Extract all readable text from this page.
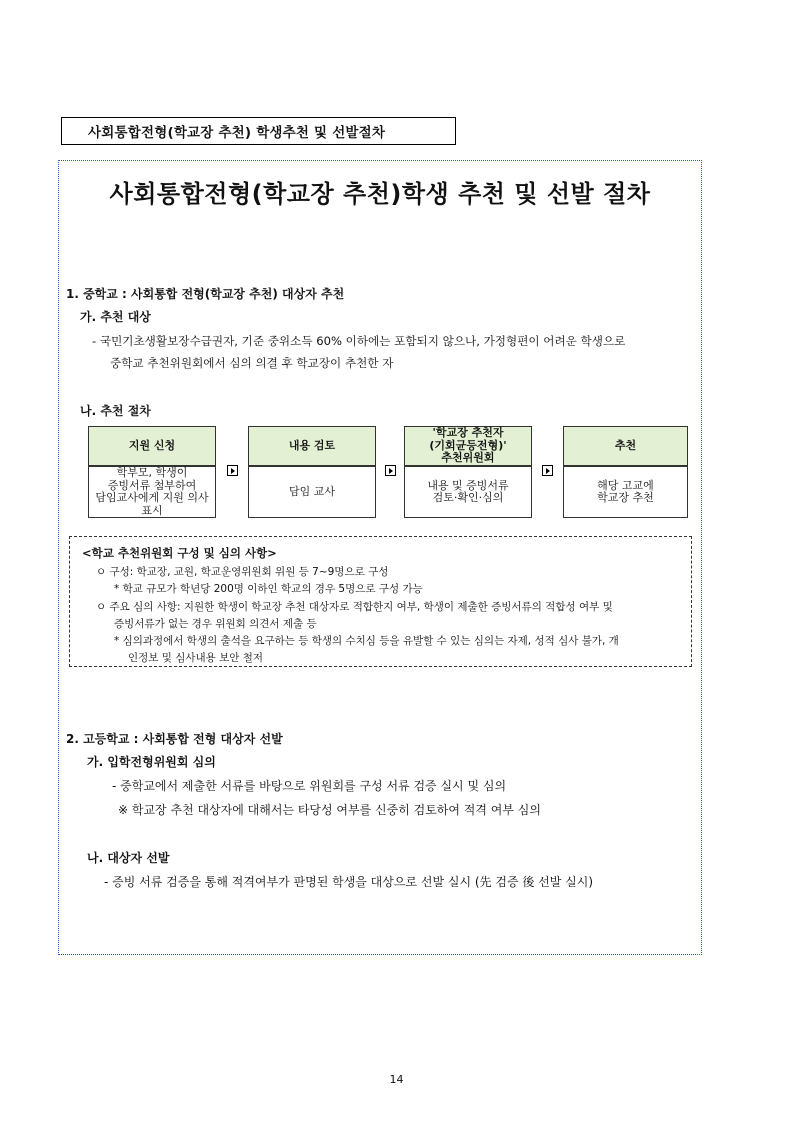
사회통합전형(학교장 추천) 학생추천 및 선발절차
사회통합전형(학교장 추천)학생 추천 및 선발 절차
1. 중학교 : 사회통합 전형(학교장 추천) 대상자 추천
가. 추천 대상
- 국민기초생활보장수급권자, 기준 중위소득 60% 이하에는 포함되지 않으나, 가정형편이 어려운 학생으로
중학교 추천위원회에서 심의 의결 후 학교장이 추천한 자
나. 추천 절차
지원 신청
학부모, 학생이
증빙서류 첨부하여
담임교사에게 지원 의사
표시
내용 검토
담임 교사
'학교장 추천자
(기회균등전형)'
추천위원회
내용 및 증빙서류
검토·확인·심의
추천
해당 고교에
학교장 추천
<학교 추천위원회 구성 및 심의 사항>
ㅇ 구성: 학교장, 교원, 학교운영위원회 위원 등 7~9명으로 구성
* 학교 규모가 학년당 200명 이하인 학교의 경우 5명으로 구성 가능
ㅇ 주요 심의 사항: 지원한 학생이 학교장 추천 대상자로 적합한지 여부, 학생이 제출한 증빙서류의 적합성 여부 및
증빙서류가 없는 경우 위원회 의견서 제출 등
* 심의과정에서 학생의 출석을 요구하는 등 학생의 수치심 등을 유발할 수 있는 심의는 자제, 성적 심사 불가, 개
인정보 및 심사내용 보안 철저
2. 고등학교 : 사회통합 전형 대상자 선발
가. 입학전형위원회 심의
- 중학교에서 제출한 서류를 바탕으로 위원회를 구성 서류 검증 실시 및 심의
※ 학교장 추천 대상자에 대해서는 타당성 여부를 신중히 검토하여 적격 여부 심의
나. 대상자 선발
- 증빙 서류 검증을 통해 적격여부가 판명된 학생을 대상으로 선발 실시 (先 검증 後 선발 실시)
14
